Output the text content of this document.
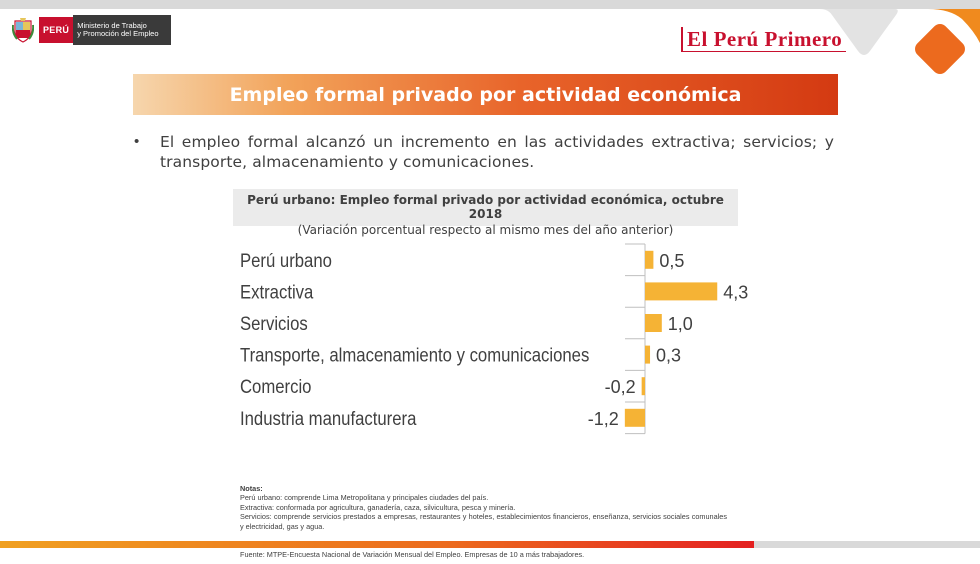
PERÚ	Ministerio de Trabajo
y Promoción del Empleo	El Perú Primero
Empleo formal privado por actividad económica
• El empleo formal alcanzó un incremento en las actividades extractiva; servicios; y transporte, almacenamiento y comunicaciones.
Perú urbano: Empleo formal privado por actividad económica, octubre 2018
(Variación porcentual respecto al mismo mes del año anterior)
Perú urbano	0,5
Extractiva	4,3
Servicios	1,0
Transporte, almacenamiento y comunicaciones	0,3
Comercio	-0,2
Industria manufacturera	-1,2
Notas:
Perú urbano: comprende Lima Metropolitana y principales ciudades del país.
Extractiva: conformada por agricultura, ganadería, caza, silvicultura, pesca y minería.
Servicios: comprende servicios prestados a empresas, restaurantes y hoteles, establecimientos financieros, enseñanza, servicios sociales comunales y electricidad, gas y agua.
Fuente: MTPE-Encuesta Nacional de Variación Mensual del Empleo. Empresas de 10 a más trabajadores.
